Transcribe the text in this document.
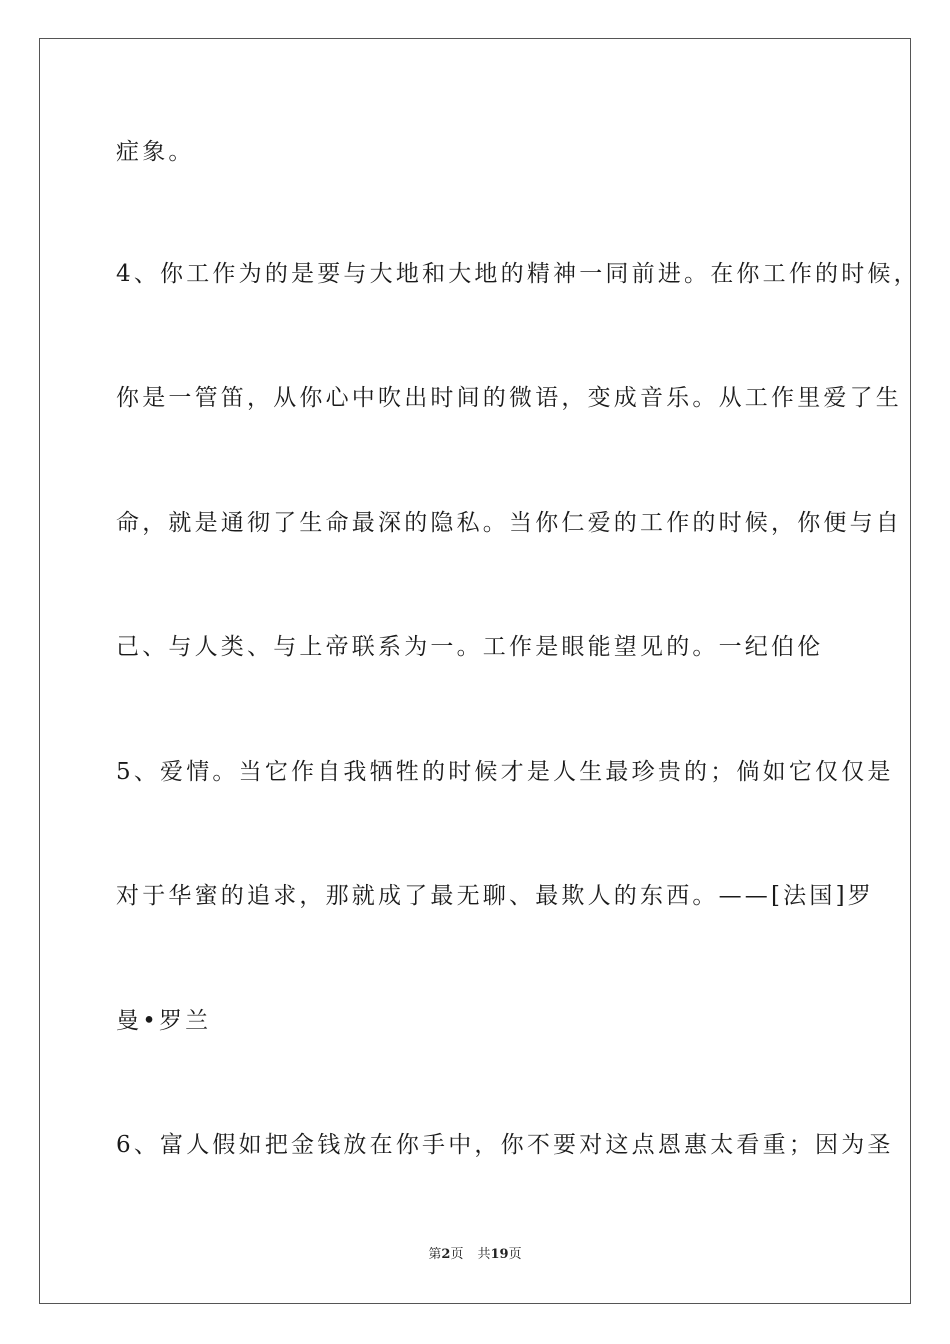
症象。
4、你工作为的是要与大地和大地的精神一同前进。在你工作的时候，
你是一管笛，从你心中吹出时间的微语，变成音乐。从工作里爱了生
命，就是通彻了生命最深的隐私。当你仁爱的工作的时候，你便与自
己、与人类、与上帝联系为一。工作是眼能望见的。一纪伯伦
5、爱情。当它作自我牺牲的时候才是人生最珍贵的；倘如它仅仅是
对于华蜜的追求，那就成了最无聊、最欺人的东西。——[法国]罗
曼•罗兰
6、富人假如把金钱放在你手中，你不要对这点恩惠太看重；因为圣
第2页 共19页
